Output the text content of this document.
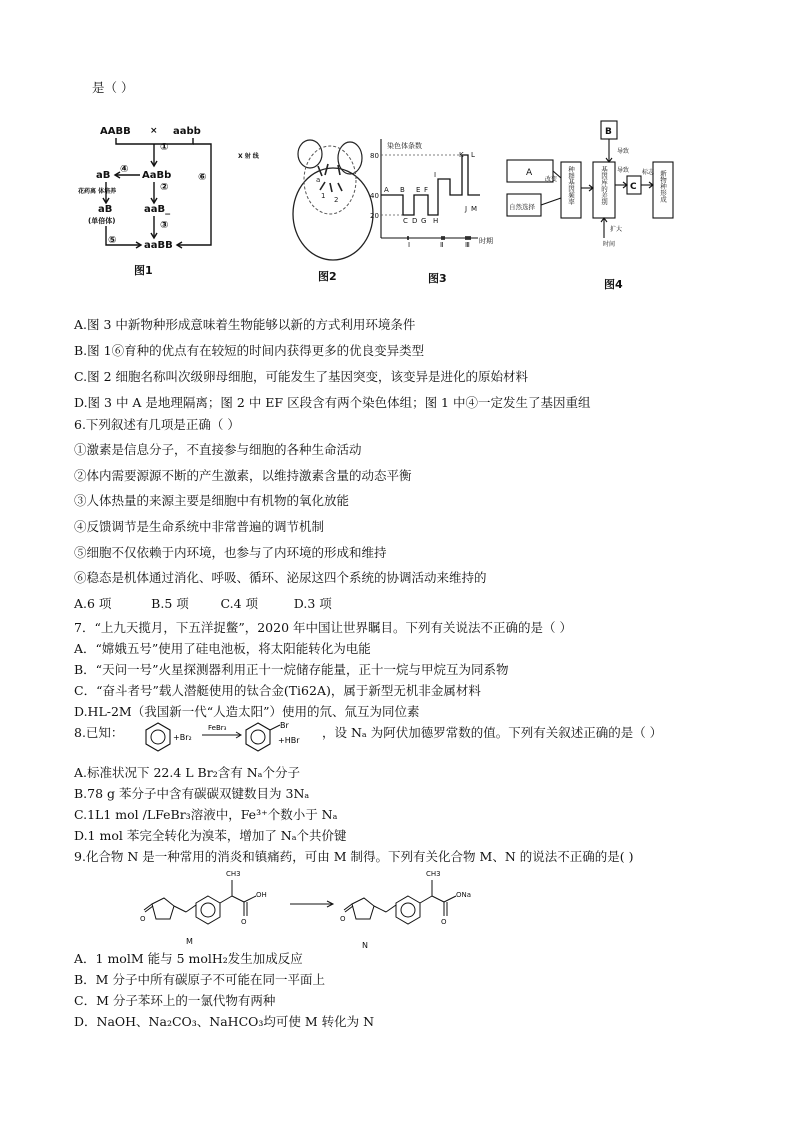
是（ ）
AABB × aabb
AaBb
aB
花药离 体培养
aB
(单倍体)
aaB_
aaBB
①
②
③
④
⑤
⑥
X 射 线
图1
a
1 2
图2
染色体条数
80
40
20
时期
A B
C D
E F
G H
I
J
K L
M
Ⅰ	Ⅱ	Ⅲ
图3
A
自然选择
改变
B
导致
C
导致 标志
扩大
时间
种群基因频率	基因库的差别	新物种形成
图4
A.图 3 中新物种形成意味着生物能够以新的方式利用环境条件
B.图 1⑥育种的优点有在较短的时间内获得更多的优良变异类型
C.图 2 细胞名称叫次级卵母细胞，可能发生了基因突变，该变异是进化的原始材料
D.图 3 中 A 是地理隔离；图 2 中 EF 区段含有两个染色体组；图 1 中④一定发生了基因重组
6.下列叙述有几项是正确（ ）
①激素是信息分子，不直接参与细胞的各种生命活动
②体内需要源源不断的产生激素，以维持激素含量的动态平衡
③人体热量的来源主要是细胞中有机物的氧化放能
④反馈调节是生命系统中非常普遍的调节机制
⑤细胞不仅依赖于内环境，也参与了内环境的形成和维持
⑥稳态是机体通过消化、呼吸、循环、泌尿这四个系统的协调活动来维持的
A.6 项          B.5 项        C.4 项         D.3 项
7．“上九天揽月，下五洋捉鳖”，2020 年中国让世界瞩目。下列有关说法不正确的是（ ）
A．“嫦娥五号”使用了硅电池板，将太阳能转化为电能
B．“天问一号”火星探测器利用正十一烷储存能量，正十一烷与甲烷互为同系物
C．“奋斗者号”载人潜艇使用的钛合金(Ti62A)，属于新型无机非金属材料
D.HL-2M（我国新一代“人造太阳”）使用的氘、氚互为同位素
8.已知：	+Br₂
FeBr₃	Br
+HBr
，设 Nₐ 为阿伏加德罗常数的值。下列有关叙述正确的是（ ）
A.标准状况下 22.4 L Br₂含有 Nₐ个分子
B.78 g 苯分子中含有碳碳双键数目为 3Nₐ
C.1L1 mol /LFeBr₃溶液中，Fe³⁺个数小于 Nₐ
D.1 mol 苯完全转化为溴苯，增加了 Nₐ个共价键
9.化合物 N 是一种常用的消炎和镇痛药，可由 M 制得。下列有关化合物 M、N 的说法不正确的是( )
O
CH3
O
OH
M
O
CH3
O
ONa
N
A．1 molM 能与 5 molH₂发生加成反应
B．M 分子中所有碳原子不可能在同一平面上
C．M 分子苯环上的一氯代物有两种
D．NaOH、Na₂CO₃、NaHCO₃均可使 M 转化为 N
